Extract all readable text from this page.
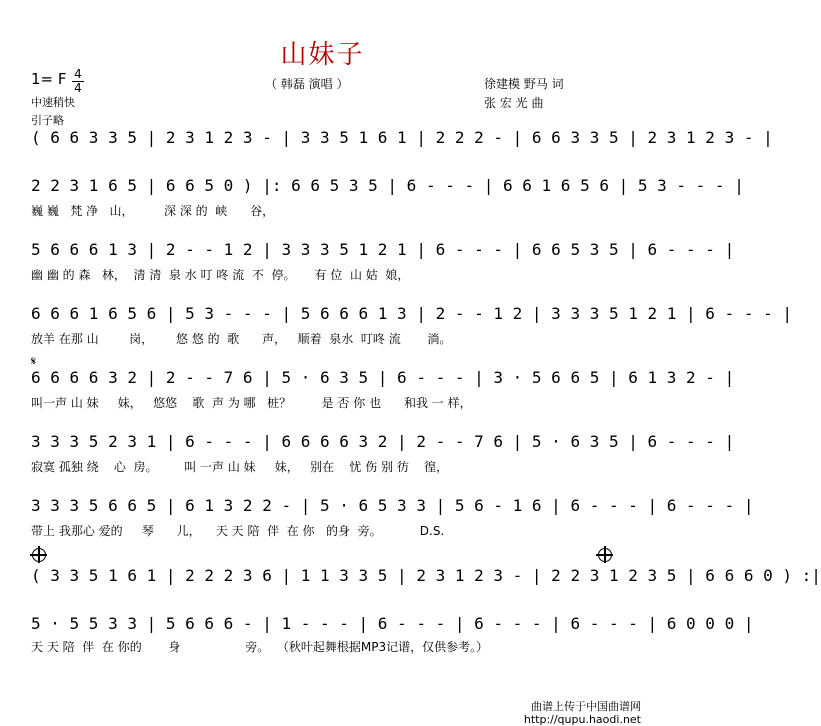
山妹子
1= F 4
4	（ 韩磊 演唱 ）	徐建模 野马 词
张 宏 光 曲
中速稍快
引子略
( 6 6 3 3 5 | 2 3 1 2 3 - | 3 3 5 1 6 1 | 2 2 2 - | 6 6 3 3 5 | 2 3 1 2 3 - |
2 2 3 1 6 5 | 6 6 5 0 ) |: 6 6 5 3 5 | 6 - - - | 6 6 1 6 5 6 | 5 3 - - - |
巍 巍   梵 净   山，        深 深 的  峡      谷，
5 6 6 6 1 3 | 2 - - 1 2 | 3 3 3 5 1 2 1 | 6 - - - | 6 6 5 3 5 | 6 - - - |
幽 幽 的 森   林，  清 清  泉 水 叮 咚 流  不  停。     有 位  山 姑  娘，
6 6 6 1 6 5 6 | 5 3 - - - | 5 6 6 6 1 3 | 2 - - 1 2 | 3 3 3 5 1 2 1 | 6 - - - |
放羊 在那 山        岗，      悠 悠 的  歌      声，   顺着  泉水  叮咚 流       淌。
𝄋
6 6 6 6 3 2 | 2 - - 7 6 | 5 · 6 3 5 | 6 - - - | 3 · 5 6 6 5 | 6 1 3 2 - |
叫一声 山 妹     妹，   悠悠    歌  声 为 哪   桩？        是 否 你 也      和我 一 样，
3 3 3 5 2 3 1 | 6 - - - | 6 6 6 6 3 2 | 2 - - 7 6 | 5 · 6 3 5 | 6 - - - |
寂寞 孤独 绕    心  房。       叫 一声 山 妹     妹，   别在    忧 伤 别 彷    徨，
3 3 3 5 6 6 5 | 6 1 3 2 2 - | 5 · 6 5 3 3 | 5 6 - 1 6 | 6 - - - | 6 - - - |
带上 我那心 爱的     琴      儿，    天 天 陪  伴  在 你   的身  旁。          D.S.
( 3 3 5 1 6 1 | 2 2 2 3 6 | 1 1 3 3 5 | 2 3 1 2 3 - | 2 2 3 1 2 3 5 | 6 6 6 0 ) :|
5 · 5 5 3 3 | 5 6 6 6 - | 1 - - - | 6 - - - | 6 - - - | 6 - - - | 6 0 0 0 |
天 天 陪  伴  在 你的       身                 旁。  （秋叶起舞根据MP3记谱，仅供参考。）
曲谱上传于中国曲谱网
http://qupu.haodi.net
